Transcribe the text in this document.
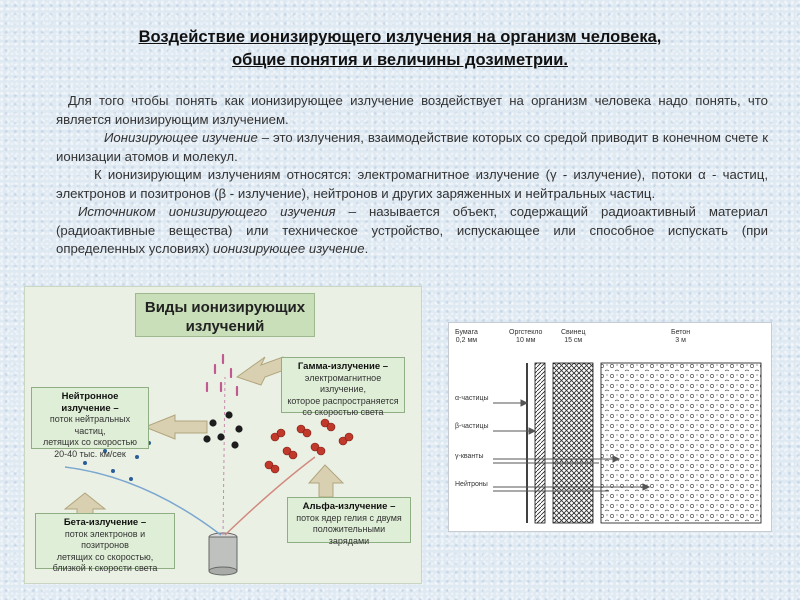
Воздействие ионизирующего излучения на организм человека,
общие понятия и величины дозиметрии.

Для того чтобы понять как ионизирующее излучение воздействует на организм человека надо понять, что является ионизирующим излучением.

Ионизирующее изучение – это излучения, взаимодействие которых со средой приводит в конечном счете к ионизации атомов и молекул.

К ионизирующим излучениям относятся: электромагнитное излучение (γ - излучение), потоки α - частиц, электронов и позитронов (β - излучение), нейтронов и других заряженных и нейтральных частиц.

Источником ионизирующего изучения – называется объект, содержащий радиоактивный материал (радиоактивные вещества) или техническое устройство, испускающее или способное испускать (при определенных условиях) ионизирующее изучение.

Виды ионизирующих
излучений
Нейтронное излучение –
поток нейтральных частиц,
летящих со скоростью
20-40 тыс. км/сек
Гамма-излучение –
электромагнитное излучение,
которое распространяется
со скоростью света
Бета-излучение –
поток электронов и позитронов
летящих со скоростью,
близкой к скорости света
Альфа-излучение –
поток ядер гелия с двумя
положительными зарядами
Бумага
0,2 мм
Оргстекло
10 мм
Свинец
15 см
Бетон
3 м
α-частицы
β-частицы
γ-кванты
Нейтроны
